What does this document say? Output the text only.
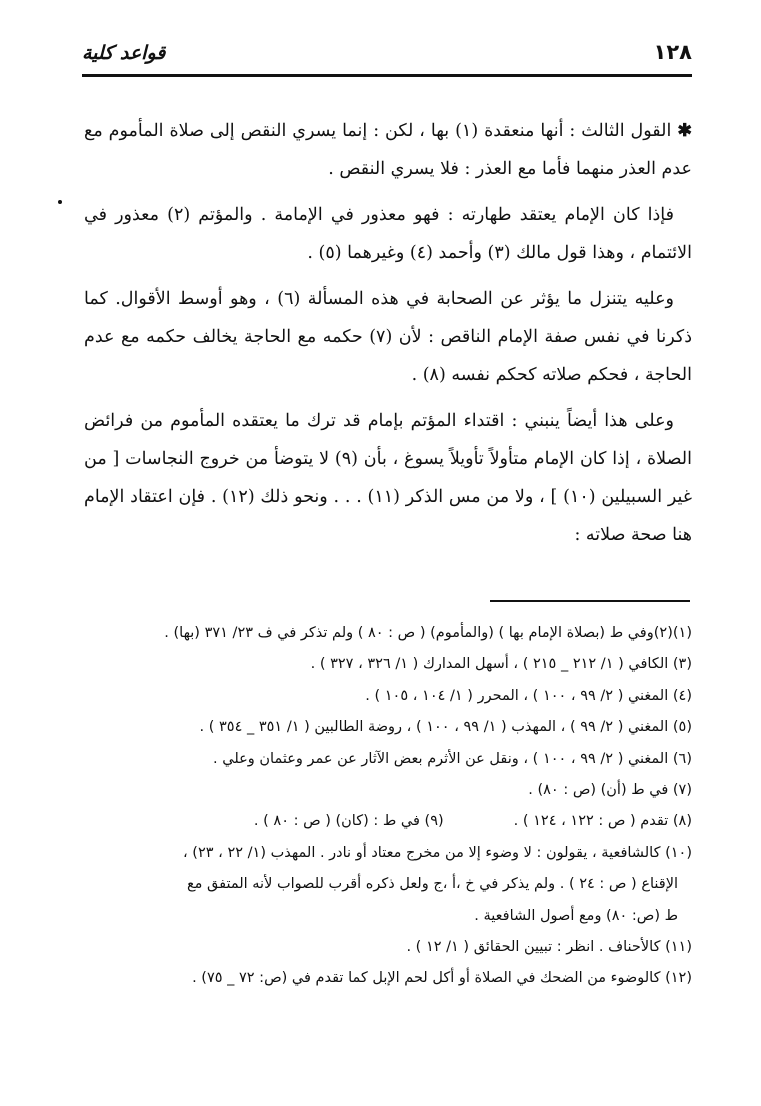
قواعد كلية	١٢٨

✱القول الثالث : أنها منعقدة (١) بها ، لكن : إنما يسري النقص إلى صلاة المأموم مع عدم العذر منهما فأما مع العذر : فلا يسري النقص .

فإذا كان الإمام يعتقد طهارته : فهو معذور في الإمامة . والمؤتم (٢) معذور في الائتمام ، وهذا قول مالك (٣) وأحمد (٤) وغيرهما (٥) .

وعليه يتنزل ما يؤثر عن الصحابة في هذه المسألة (٦) ، وهو أوسط الأقوال. كما ذكرنا في نفس صفة الإمام الناقص : لأن (٧) حكمه مع الحاجة يخالف حكمه مع عدم الحاجة ، فحكم صلاته كحكم نفسه (٨) .

وعلى هذا أيضاً ينبني : اقتداء المؤتم بإمام قد ترك ما يعتقده المأموم من فرائض الصلاة ، إذا كان الإمام متأولاً تأويلاً يسوغ ، بأن (٩) لا يتوضأ من خروج النجاسات [ من غير السبيلين (١٠) ] ، ولا من مس الذكر (١١) . . . ونحو ذلك (١٢) . فإن اعتقاد الإمام هنا صحة صلاته :

(١)(٢)وفي ط (بصلاة الإمام بها ) (والمأموم) ( ص : ٨٠ ) ولم تذكر في ف ٢٣/ ٣٧١ (بها) .

(٣) الكافي ( ١/ ٢١٢ _ ٢١٥ ) ، أسهل المدارك ( ١/ ٣٢٦ ، ٣٢٧ ) .

(٤) المغني ( ٢/ ٩٩ ، ١٠٠ ) ، المحرر ( ١/ ١٠٤ ، ١٠٥ ) .

(٥) المغني ( ٢/ ٩٩ ) ، المهذب ( ١/ ٩٩ ، ١٠٠ ) ، روضة الطالبين ( ١/ ٣٥١ _ ٣٥٤ ) .

(٦) المغني ( ٢/ ٩٩ ، ١٠٠ ) ، ونقل عن الأثرم بعض الآثار عن عمر وعثمان وعلي .

(٧) في ط (أن) (ص : ٨٠) .

(٨) تقدم ( ص : ١٢٢ ، ١٢٤ ) .

(٩) في ط : (كان) ( ص : ٨٠ ) .

(١٠) كالشافعية ، يقولون : لا وضوء إلا من مخرج معتاد أو نادر . المهذب (١/ ٢٢ ، ٢٣) ،

الإقناع ( ص : ٢٤ ) . ولم يذكر في خ ،أ ،ج ولعل ذكره أقرب للصواب لأنه المتفق مع

ط (ص: ٨٠) ومع أصول الشافعية .

(١١) كالأحناف . انظر : تبيين الحقائق ( ١/ ١٢ ) .

(١٢) كالوضوء من الضحك في الصلاة أو أكل لحم الإبل كما تقدم في (ص: ٧٢ _ ٧٥) .
